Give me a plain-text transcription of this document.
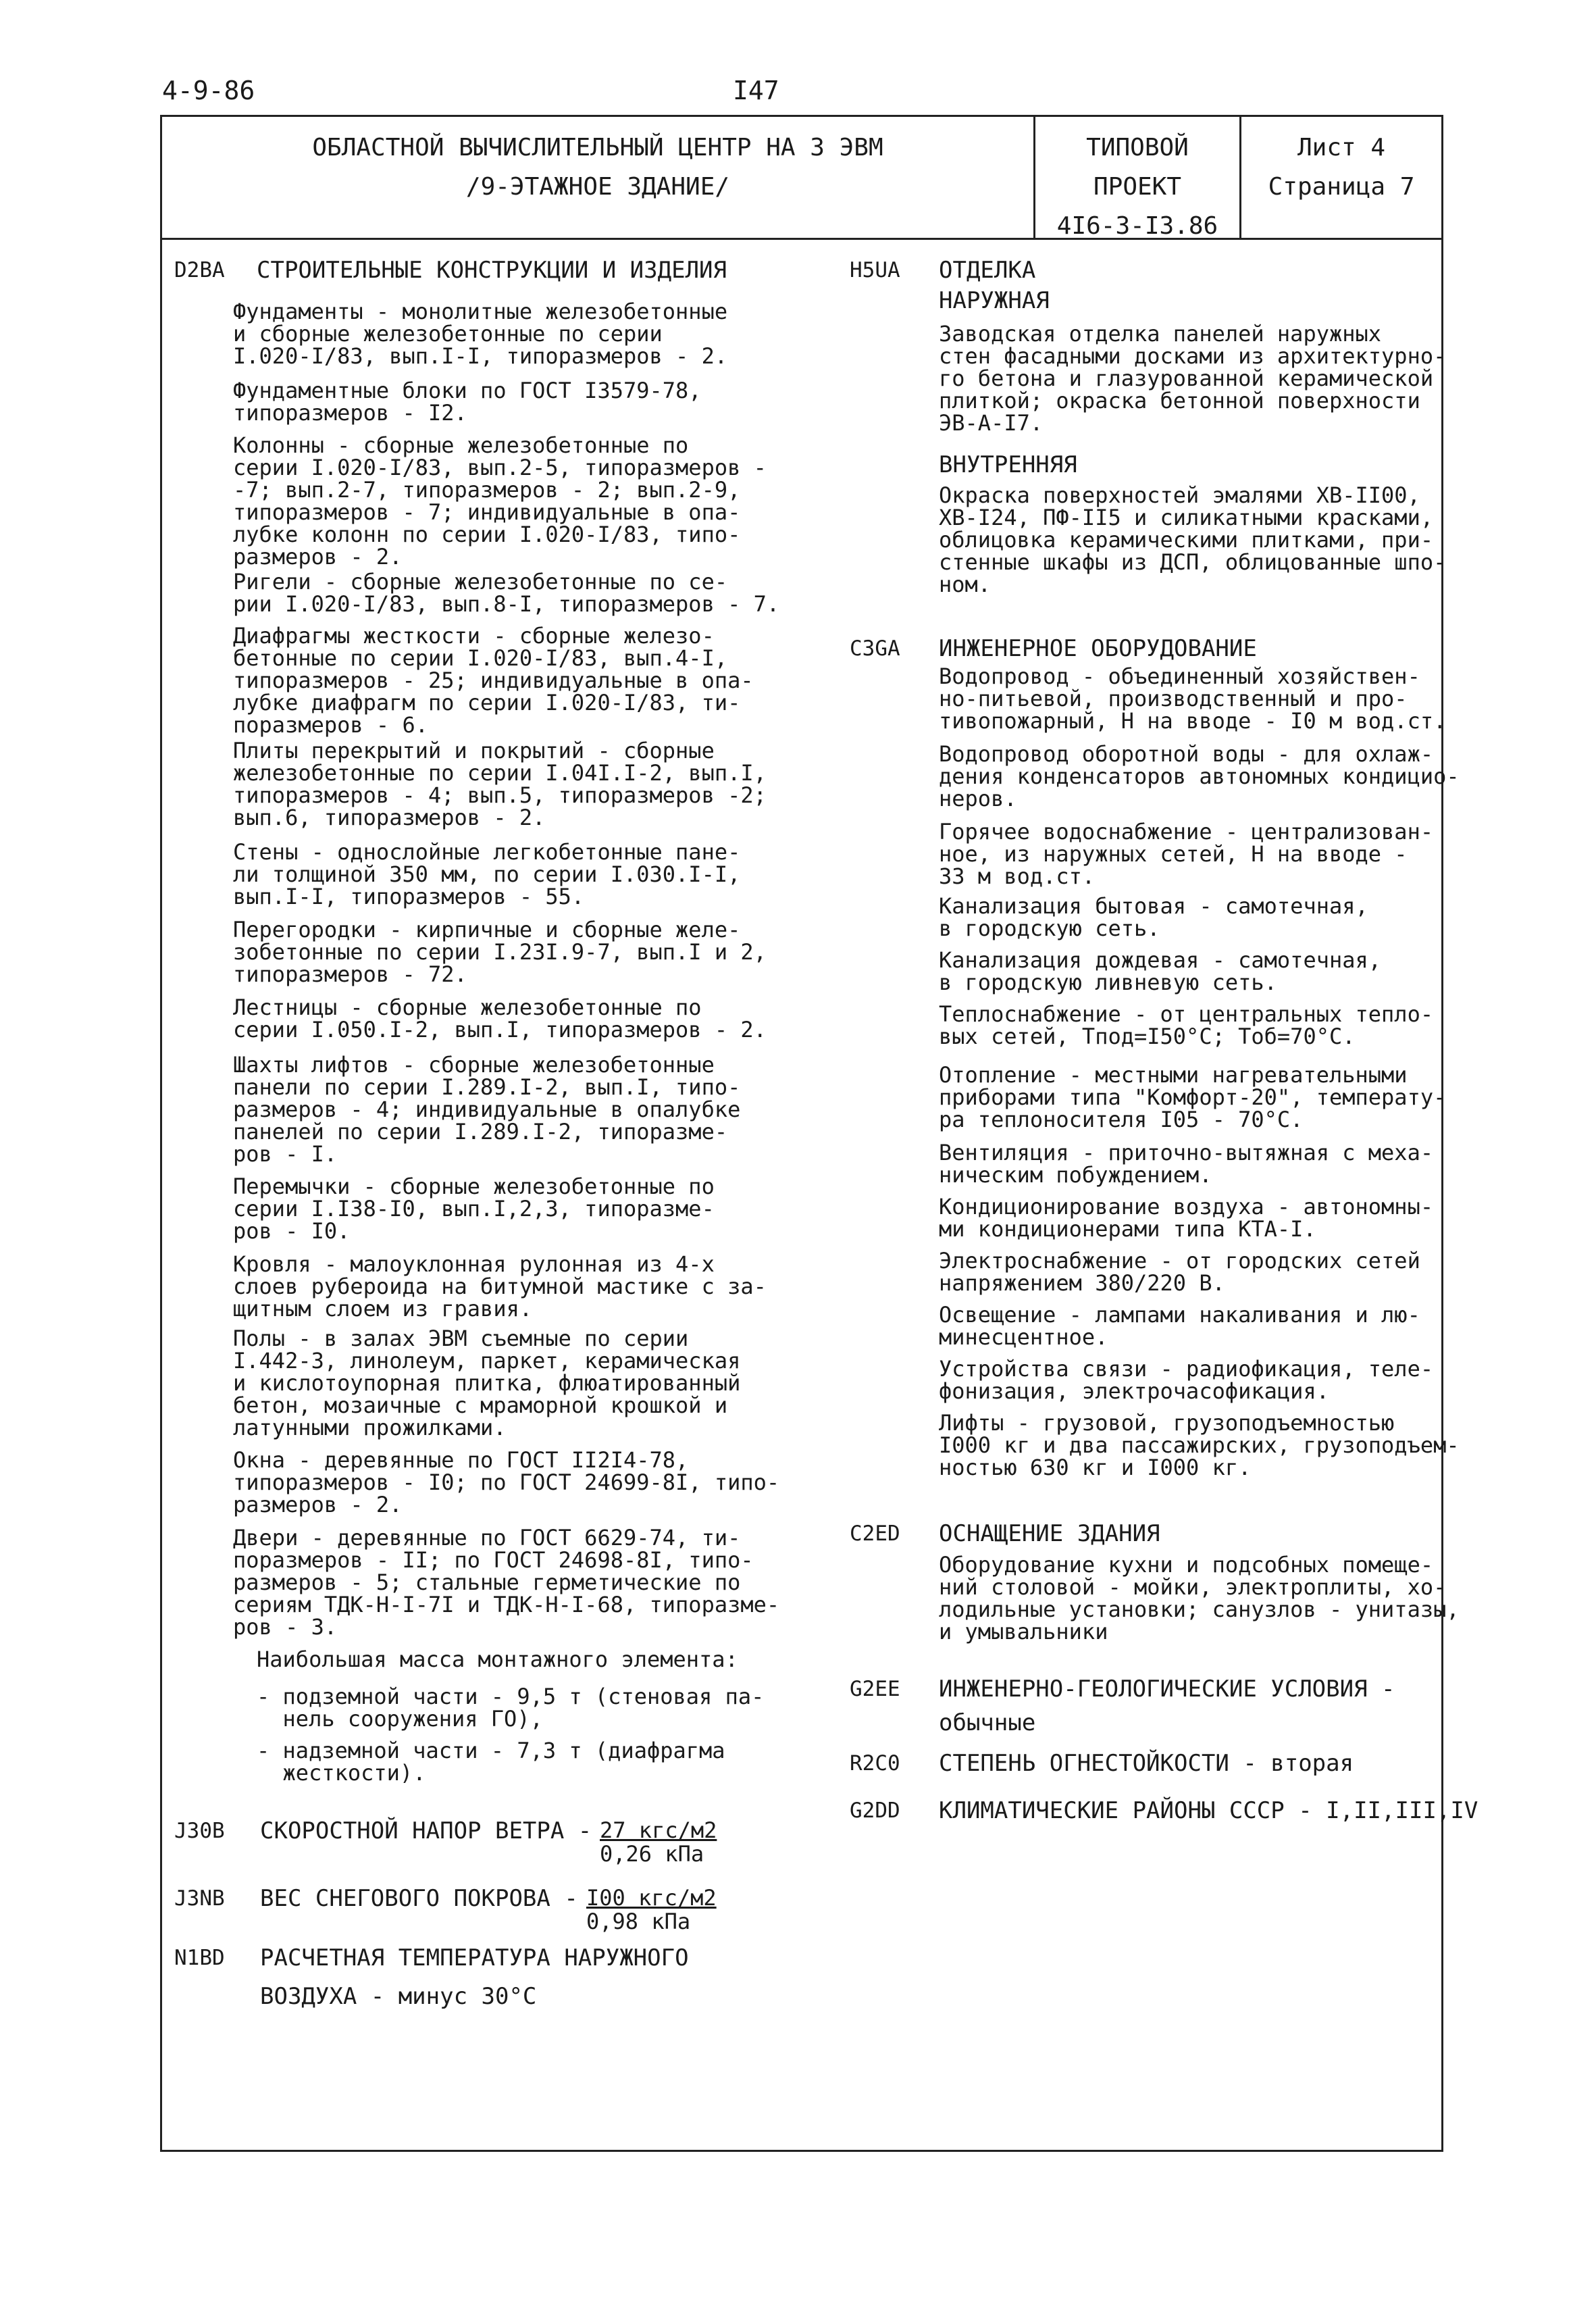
4-9-86	I47
ОБЛАСТНОЙ ВЫЧИСЛИТЕЛЬНЫЙ ЦЕНТР НА 3 ЭВМ
/9-ЭТАЖНОЕ ЗДАНИЕ/
ТИПОВОЙ ПРОЕКТ
4I6-3-I3.86
Лист 4
Страница 7
D2BA СТРОИТЕЛЬНЫЕ КОНСТРУКЦИИ И ИЗДЕЛИЯ
Фундаменты - монолитные железобетонные
и сборные железобетонные по серии
I.020-I/83, вып.I-I, типоразмеров - 2.
Фундаментные блоки по ГОСТ I3579-78,
типоразмеров - I2.
Колонны - сборные железобетонные по
серии I.020-I/83, вып.2-5, типоразмеров -
-7; вып.2-7, типоразмеров - 2; вып.2-9,
типоразмеров - 7; индивидуальные в опа-
лубке колонн по серии I.020-I/83, типо-
размеров - 2.
Ригели - сборные железобетонные по се-
рии I.020-I/83, вып.8-I, типоразмеров - 7.
Диафрагмы жесткости - сборные железо-
бетонные по серии I.020-I/83, вып.4-I,
типоразмеров - 25; индивидуальные в опа-
лубке диафрагм по серии I.020-I/83, ти-
поразмеров - 6.
Плиты перекрытий и покрытий - сборные
железобетонные по серии I.04I.I-2, вып.I,
типоразмеров - 4; вып.5, типоразмеров -2;
вып.6, типоразмеров - 2.
Стены - однослойные легкобетонные пане-
ли толщиной 350 мм, по серии I.030.I-I,
вып.I-I, типоразмеров - 55.
Перегородки - кирпичные и сборные желе-
зобетонные по серии I.23I.9-7, вып.I и 2,
типоразмеров - 72.
Лестницы - сборные железобетонные по
серии I.050.I-2, вып.I, типоразмеров - 2.
Шахты лифтов - сборные железобетонные
панели по серии I.289.I-2, вып.I, типо-
размеров - 4; индивидуальные в опалубке
панелей по серии I.289.I-2, типоразме-
ров - I.
Перемычки - сборные железобетонные по
серии I.I38-I0, вып.I,2,3, типоразме-
ров - I0.
Кровля - малоуклонная рулонная из 4-х
слоев рубероида на битумной мастике с за-
щитным слоем из гравия.
Полы - в залах ЭВМ съемные по серии
I.442-3, линолеум, паркет, керамическая
и кислотоупорная плитка, флюатированный
бетон, мозаичные с мраморной крошкой и
латунными прожилками.
Окна - деревянные по ГОСТ II2I4-78,
типоразмеров - I0; по ГОСТ 24699-8I, типо-
размеров - 2.
Двери - деревянные по ГОСТ 6629-74, ти-
поразмеров - II; по ГОСТ 24698-8I, типо-
размеров - 5; стальные герметические по
сериям ТДК-Н-I-7I и ТДК-Н-I-68, типоразме-
ров - 3.
Наибольшая масса монтажного элемента:
- подземной части - 9,5 т (стеновая па-
нель сооружения ГО),
- надземной части - 7,3 т (диафрагма
жесткости).
J30B СКОРОСТНОЙ НАПОР ВЕТРА - 27 кгс/м2
0,26 кПа
J3NB ВЕС СНЕГОВОГО ПОКРОВА - I00 кгс/м2
0,98 кПа
N1BD РАСЧЕТНАЯ ТЕМПЕРАТУРА НАРУЖНОГО
ВОЗДУХА - минус 30°С
H5UA ОТДЕЛКА
НАРУЖНАЯ
Заводская отделка панелей наружных
стен фасадными досками из архитектурно-
го бетона и глазурованной керамической
плиткой; окраска бетонной поверхности
ЭВ-А-I7.
ВНУТРЕННЯЯ
Окраска поверхностей эмалями ХВ-II00,
ХВ-I24, ПФ-II5 и силикатными красками,
облицовка керамическими плитками, при-
стенные шкафы из ДСП, облицованные шпо-
ном.
C3GA ИНЖЕНЕРНОЕ ОБОРУДОВАНИЕ
Водопровод - объединенный хозяйствен-
но-питьевой, производственный и про-
тивопожарный, Н на вводе - I0 м вод.ст.
Водопровод оборотной воды - для охлаж-
дения конденсаторов автономных кондицио-
неров.
Горячее водоснабжение - централизован-
ное, из наружных сетей, Н на вводе -
33 м вод.ст.
Канализация бытовая - самотечная,
в городскую сеть.
Канализация дождевая - самотечная,
в городскую ливневую сеть.
Теплоснабжение - от центральных тепло-
вых сетей, Тпод=I50°С; Тоб=70°С.
Отопление - местными нагревательными
приборами типа "Комфорт-20", температу-
ра теплоносителя I05 - 70°С.
Вентиляция - приточно-вытяжная с меха-
ническим побуждением.
Кондиционирование воздуха - автономны-
ми кондиционерами типа КТА-I.
Электроснабжение - от городских сетей
напряжением 380/220 В.
Освещение - лампами накаливания и лю-
минесцентное.
Устройства связи - радиофикация, теле-
фонизация, электрочасофикация.
Лифты - грузовой, грузоподъемностью
I000 кг и два пассажирских, грузоподъем-
ностью 630 кг и I000 кг.
C2ED ОСНАЩЕНИЕ ЗДАНИЯ
Оборудование кухни и подсобных помеще-
ний столовой - мойки, электроплиты, хо-
лодильные установки; санузлов - унитазы,
и умывальники
G2EE ИНЖЕНЕРНО-ГЕОЛОГИЧЕСКИЕ УСЛОВИЯ -
обычные
R2C0 СТЕПЕНЬ ОГНЕСТОЙКОСТИ - вторая
G2DD КЛИМАТИЧЕСКИЕ РАЙОНЫ СССР - I,II,III,IV
